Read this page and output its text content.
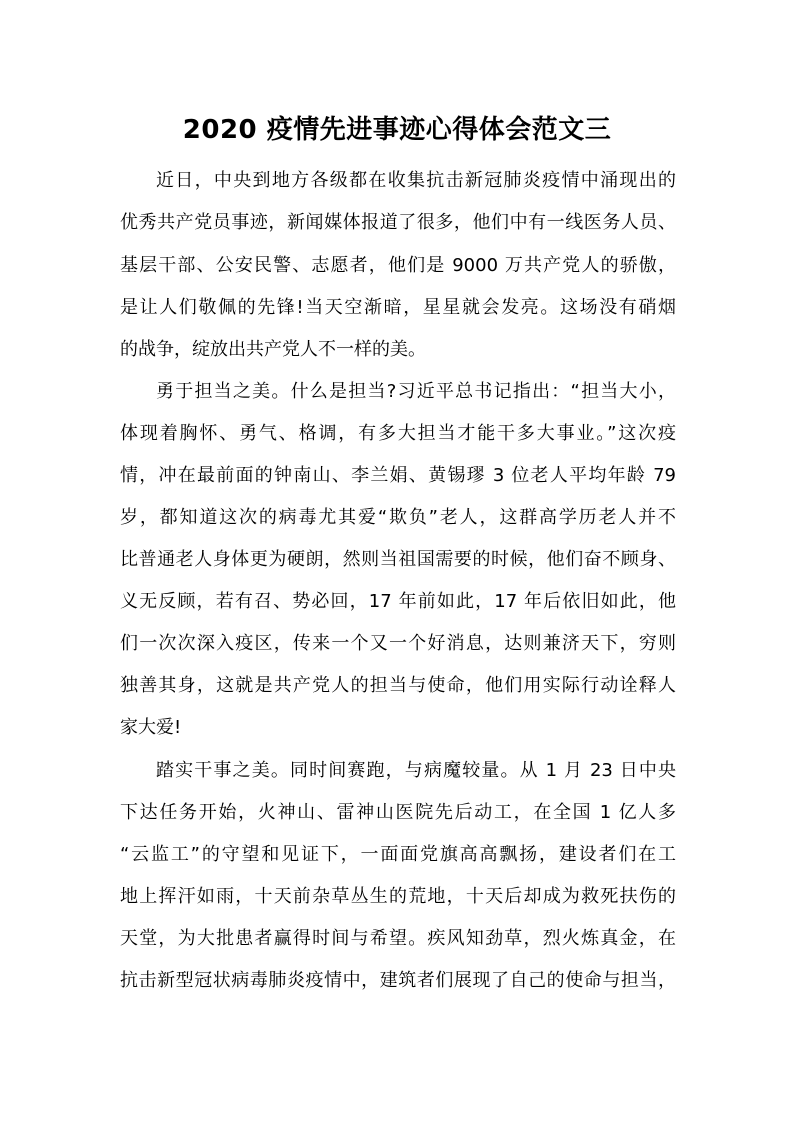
2020 疫情先进事迹心得体会范文三
近日，中央到地方各级都在收集抗击新冠肺炎疫情中涌现出的
优秀共产党员事迹，新闻媒体报道了很多，他们中有一线医务人员、
基层干部、公安民警、志愿者，他们是 9000 万共产党人的骄傲，
是让人们敬佩的先锋!当天空渐暗，星星就会发亮。这场没有硝烟
的战争，绽放出共产党人不一样的美。
勇于担当之美。什么是担当?习近平总书记指出：“担当大小，
体现着胸怀、勇气、格调，有多大担当才能干多大事业。”这次疫
情，冲在最前面的钟南山、李兰娟、黄锡璆 3 位老人平均年龄 79
岁，都知道这次的病毒尤其爱“欺负”老人，这群高学历老人并不
比普通老人身体更为硬朗，然则当祖国需要的时候，他们奋不顾身、
义无反顾，若有召、势必回，17 年前如此，17 年后依旧如此，他
们一次次深入疫区，传来一个又一个好消息，达则兼济天下，穷则
独善其身，这就是共产党人的担当与使命，他们用实际行动诠释人
家大爱!
踏实干事之美。同时间赛跑，与病魔较量。从 1 月 23 日中央
下达任务开始，火神山、雷神山医院先后动工，在全国 1 亿人多
“云监工”的守望和见证下，一面面党旗高高飘扬，建设者们在工
地上挥汗如雨，十天前杂草丛生的荒地，十天后却成为救死扶伤的
天堂，为大批患者赢得时间与希望。疾风知劲草，烈火炼真金，在
抗击新型冠状病毒肺炎疫情中，建筑者们展现了自己的使命与担当，
